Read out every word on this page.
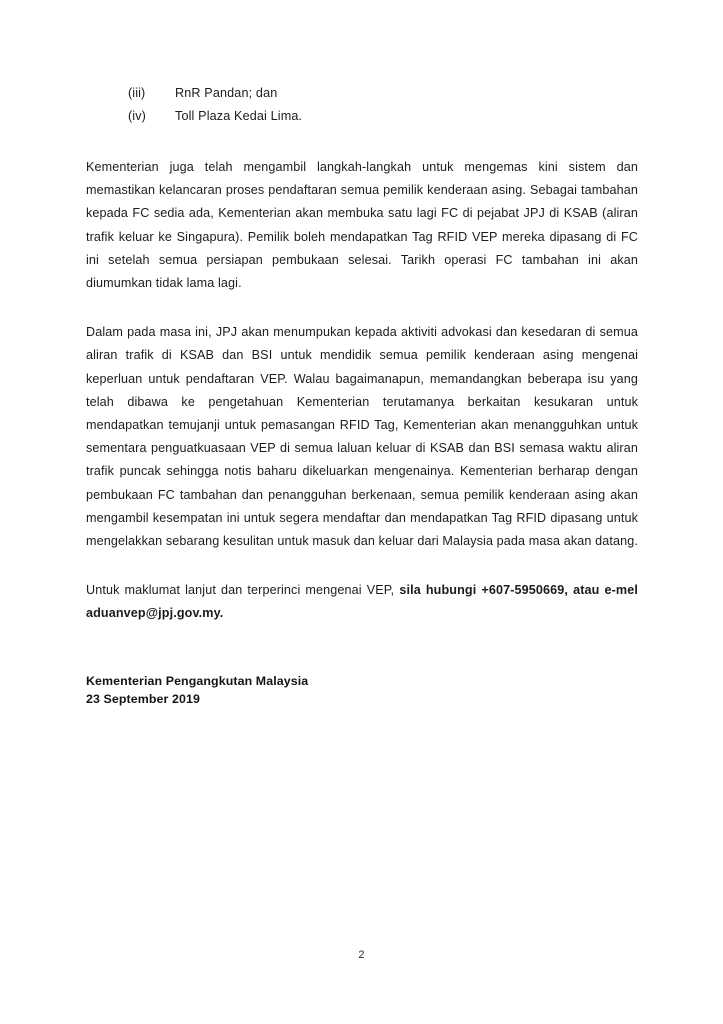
(iii)	RnR Pandan; dan
(iv)	Toll Plaza Kedai Lima.

Kementerian juga telah mengambil langkah-langkah untuk mengemas kini sistem dan memastikan kelancaran proses pendaftaran semua pemilik kenderaan asing. Sebagai tambahan kepada FC sedia ada, Kementerian akan membuka satu lagi FC di pejabat JPJ di KSAB (aliran trafik keluar ke Singapura). Pemilik boleh mendapatkan Tag RFID VEP mereka dipasang di FC ini setelah semua persiapan pembukaan selesai. Tarikh operasi FC tambahan ini akan diumumkan tidak lama lagi.

Dalam pada masa ini, JPJ akan menumpukan kepada aktiviti advokasi dan kesedaran di semua aliran trafik di KSAB dan BSI untuk mendidik semua pemilik kenderaan asing mengenai keperluan untuk pendaftaran VEP. Walau bagaimanapun, memandangkan beberapa isu yang telah dibawa ke pengetahuan Kementerian terutamanya berkaitan kesukaran untuk mendapatkan temujanji untuk pemasangan RFID Tag, Kementerian akan menangguhkan untuk sementara penguatkuasaan VEP di semua laluan keluar di KSAB dan BSI semasa waktu aliran trafik puncak sehingga notis baharu dikeluarkan mengenainya. Kementerian berharap dengan pembukaan FC tambahan dan penangguhan berkenaan, semua pemilik kenderaan asing akan mengambil kesempatan ini untuk segera mendaftar dan mendapatkan Tag RFID dipasang untuk mengelakkan sebarang kesulitan untuk masuk dan keluar dari Malaysia pada masa akan datang.

Untuk maklumat lanjut dan terperinci mengenai VEP, sila hubungi +607-5950669, atau e-mel aduanvep@jpj.gov.my.

Kementerian Pengangkutan Malaysia
23 September 2019
2
